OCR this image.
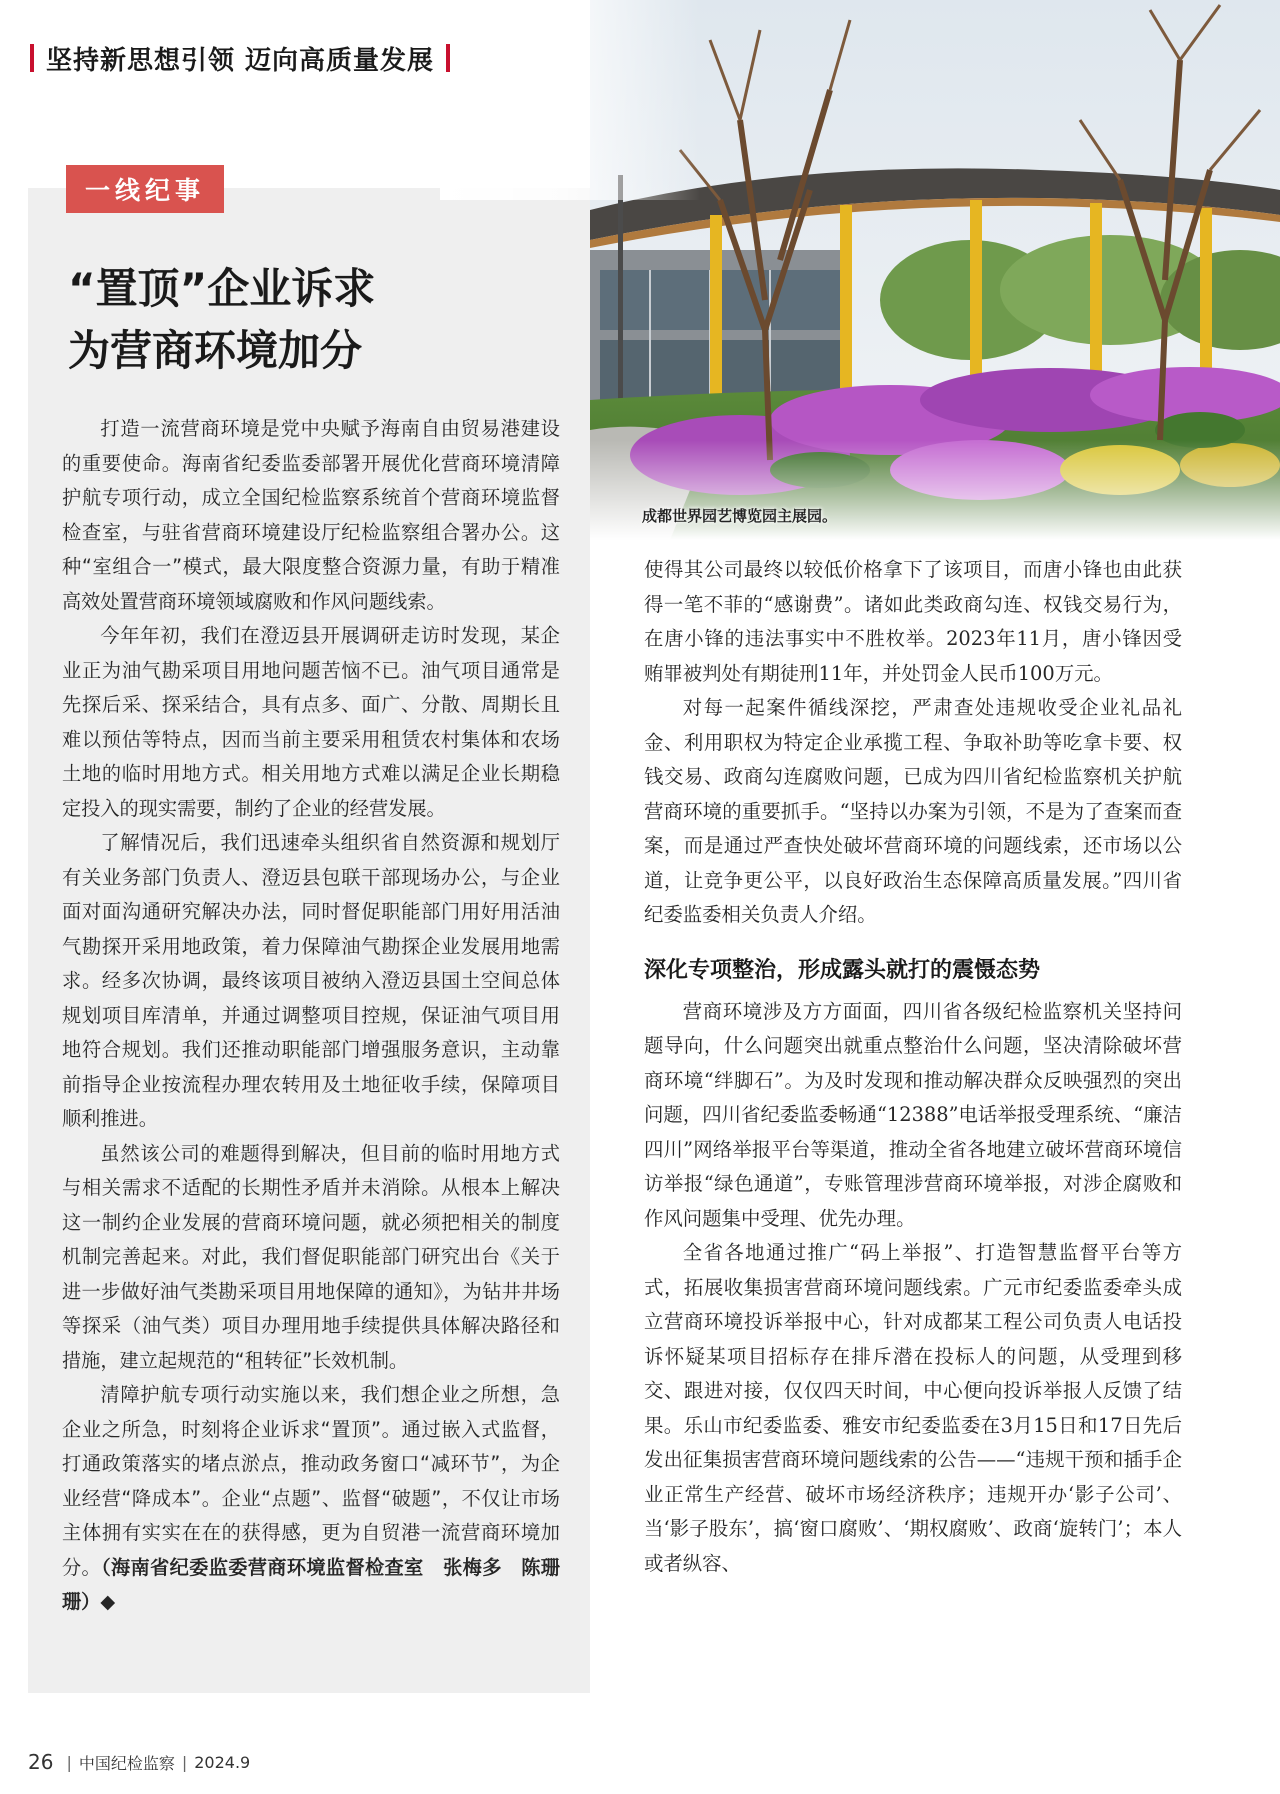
坚持新思想引领 迈向高质量发展
成都世界园艺博览园主展园。
一线纪事
“置顶”企业诉求
为营商环境加分

打造一流营商环境是党中央赋予海南自由贸易港建设的重要使命。海南省纪委监委部署开展优化营商环境清障护航专项行动，成立全国纪检监察系统首个营商环境监督检查室，与驻省营商环境建设厅纪检监察组合署办公。这种“室组合一”模式，最大限度整合资源力量，有助于精准高效处置营商环境领域腐败和作风问题线索。

今年年初，我们在澄迈县开展调研走访时发现，某企业正为油气勘采项目用地问题苦恼不已。油气项目通常是先探后采、探采结合，具有点多、面广、分散、周期长且难以预估等特点，因而当前主要采用租赁农村集体和农场土地的临时用地方式。相关用地方式难以满足企业长期稳定投入的现实需要，制约了企业的经营发展。

了解情况后，我们迅速牵头组织省自然资源和规划厅有关业务部门负责人、澄迈县包联干部现场办公，与企业面对面沟通研究解决办法，同时督促职能部门用好用活油气勘探开采用地政策，着力保障油气勘探企业发展用地需求。经多次协调，最终该项目被纳入澄迈县国土空间总体规划项目库清单，并通过调整项目控规，保证油气项目用地符合规划。我们还推动职能部门增强服务意识，主动靠前指导企业按流程办理农转用及土地征收手续，保障项目顺利推进。

虽然该公司的难题得到解决，但目前的临时用地方式与相关需求不适配的长期性矛盾并未消除。从根本上解决这一制约企业发展的营商环境问题，就必须把相关的制度机制完善起来。对此，我们督促职能部门研究出台《关于进一步做好油气类勘采项目用地保障的通知》，为钻井井场等探采（油气类）项目办理用地手续提供具体解决路径和措施，建立起规范的“租转征”长效机制。

清障护航专项行动实施以来，我们想企业之所想，急企业之所急，时刻将企业诉求“置顶”。通过嵌入式监督，打通政策落实的堵点淤点，推动政务窗口“减环节”，为企业经营“降成本”。企业“点题”、监督“破题”，不仅让市场主体拥有实实在在的获得感，更为自贸港一流营商环境加分。（海南省纪委监委营商环境监督检查室　张梅多　陈珊珊）◆

使得其公司最终以较低价格拿下了该项目，而唐小锋也由此获得一笔不菲的“感谢费”。诸如此类政商勾连、权钱交易行为，在唐小锋的违法事实中不胜枚举。2023年11月，唐小锋因受贿罪被判处有期徒刑11年，并处罚金人民币100万元。

对每一起案件循线深挖，严肃查处违规收受企业礼品礼金、利用职权为特定企业承揽工程、争取补助等吃拿卡要、权钱交易、政商勾连腐败问题，已成为四川省纪检监察机关护航营商环境的重要抓手。“坚持以办案为引领，不是为了查案而查案，而是通过严查快处破坏营商环境的问题线索，还市场以公道，让竞争更公平，以良好政治生态保障高质量发展。”四川省纪委监委相关负责人介绍。

深化专项整治，形成露头就打的震慑态势

营商环境涉及方方面面，四川省各级纪检监察机关坚持问题导向，什么问题突出就重点整治什么问题，坚决清除破坏营商环境“绊脚石”。为及时发现和推动解决群众反映强烈的突出问题，四川省纪委监委畅通“12388”电话举报受理系统、“廉洁四川”网络举报平台等渠道，推动全省各地建立破坏营商环境信访举报“绿色通道”，专账管理涉营商环境举报，对涉企腐败和作风问题集中受理、优先办理。

全省各地通过推广“码上举报”、打造智慧监督平台等方式，拓展收集损害营商环境问题线索。广元市纪委监委牵头成立营商环境投诉举报中心，针对成都某工程公司负责人电话投诉怀疑某项目招标存在排斥潜在投标人的问题，从受理到移交、跟进对接，仅仅四天时间，中心便向投诉举报人反馈了结果。乐山市纪委监委、雅安市纪委监委在3月15日和17日先后发出征集损害营商环境问题线索的公告——“违规干预和插手企业正常生产经营、破坏市场经济秩序；违规开办‘影子公司’、当‘影子股东’，搞‘窗口腐败’、‘期权腐败’、政商‘旋转门’；本人或者纵容、

26 | 中国纪检监察 | 2024.9
